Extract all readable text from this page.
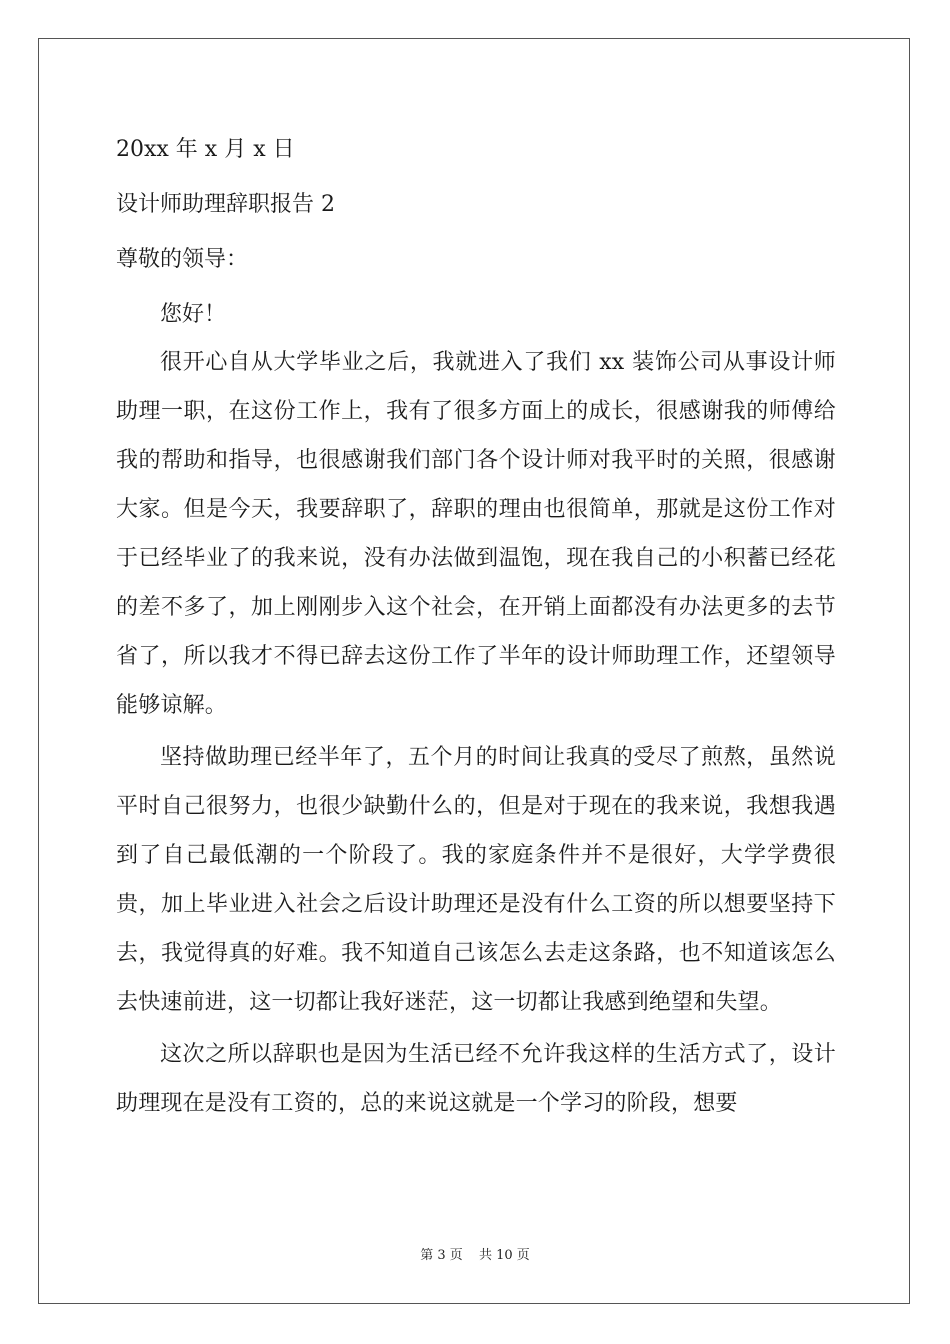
20xx 年 x 月 x 日
设计师助理辞职报告 2
尊敬的领导：
您好！

很开心自从大学毕业之后，我就进入了我们 xx 装饰公司从事设计师助理一职，在这份工作上，我有了很多方面上的成长，很感谢我的师傅给我的帮助和指导，也很感谢我们部门各个设计师对我平时的关照，很感谢大家。但是今天，我要辞职了，辞职的理由也很简单，那就是这份工作对于已经毕业了的我来说，没有办法做到温饱，现在我自己的小积蓄已经花的差不多了，加上刚刚步入这个社会，在开销上面都没有办法更多的去节省了，所以我才不得已辞去这份工作了半年的设计师助理工作，还望领导能够谅解。

坚持做助理已经半年了，五个月的时间让我真的受尽了煎熬，虽然说平时自己很努力，也很少缺勤什么的，但是对于现在的我来说，我想我遇到了自己最低潮的一个阶段了。我的家庭条件并不是很好，大学学费很贵，加上毕业进入社会之后设计助理还是没有什么工资的所以想要坚持下去，我觉得真的好难。我不知道自己该怎么去走这条路，也不知道该怎么去快速前进，这一切都让我好迷茫，这一切都让我感到绝望和失望。

这次之所以辞职也是因为生活已经不允许我这样的生活方式了，设计助理现在是没有工资的，总的来说这就是一个学习的阶段，想要

第 3 页 共 10 页
